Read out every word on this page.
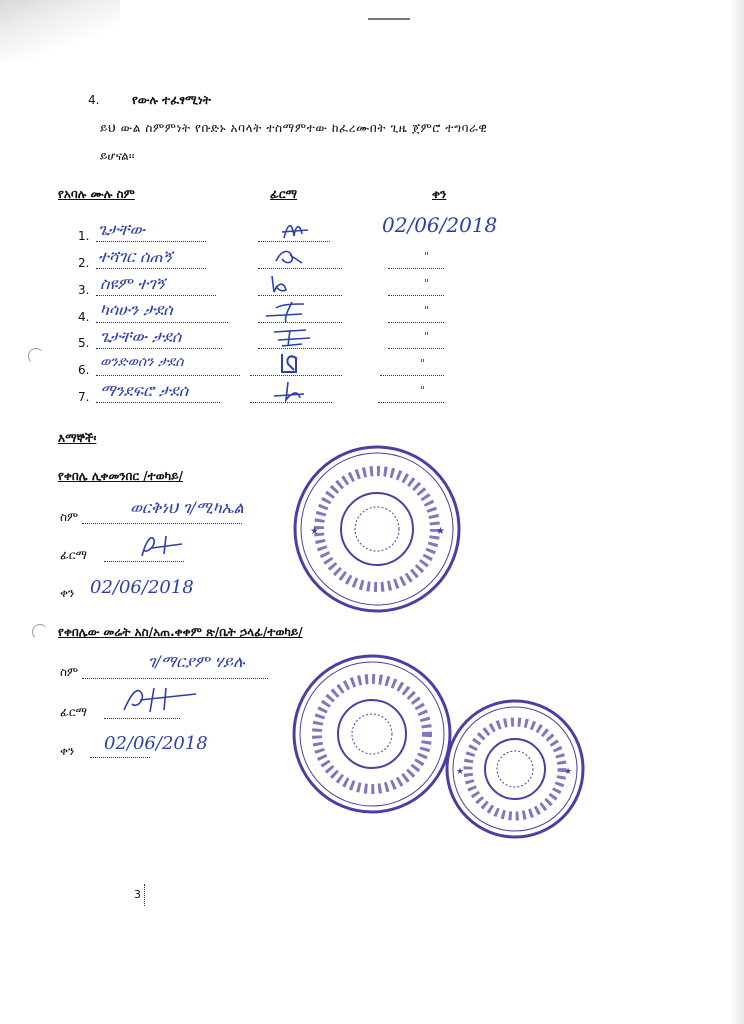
4.	የውሉ ተፈፃሚነት
ይህ ውል ስምምነት የቡድኑ አባላት ተስማምተው ከፈረሙበት ጊዜ ጀምሮ ተግባራዊ
ይሆናል፡፡
የአባሉ ሙሉ ስም	ፊርማ	ቀን
1. ጌታቸው	02/06/2018
2. ተሻገር ሰጠኝ	"
3. ስዩም ተገኝ	"
4. ካሳሁን ታደሰ	"
5. ጌታቸው ታደሰ	"
6. ወንድወሰን ታደሰ	"
7. ማንደፍሮ ታደሰ	"
እማኞች፡
የቀበሌ ሊቀመንበር /ተወካይ/
ስም	ወርቅነህ ገ/ሚካኤል
ፊርማ
ቀን 02/06/2018
★	★
የቀበሌው መሬት አስ/አጠ.ቀቀም ጽ/ቤት ኃላፊ/ተወካይ/
ስም
ገ/ማርያም ሃይሉ
ፊርማ
ቀን 02/06/2018
★	★
3
